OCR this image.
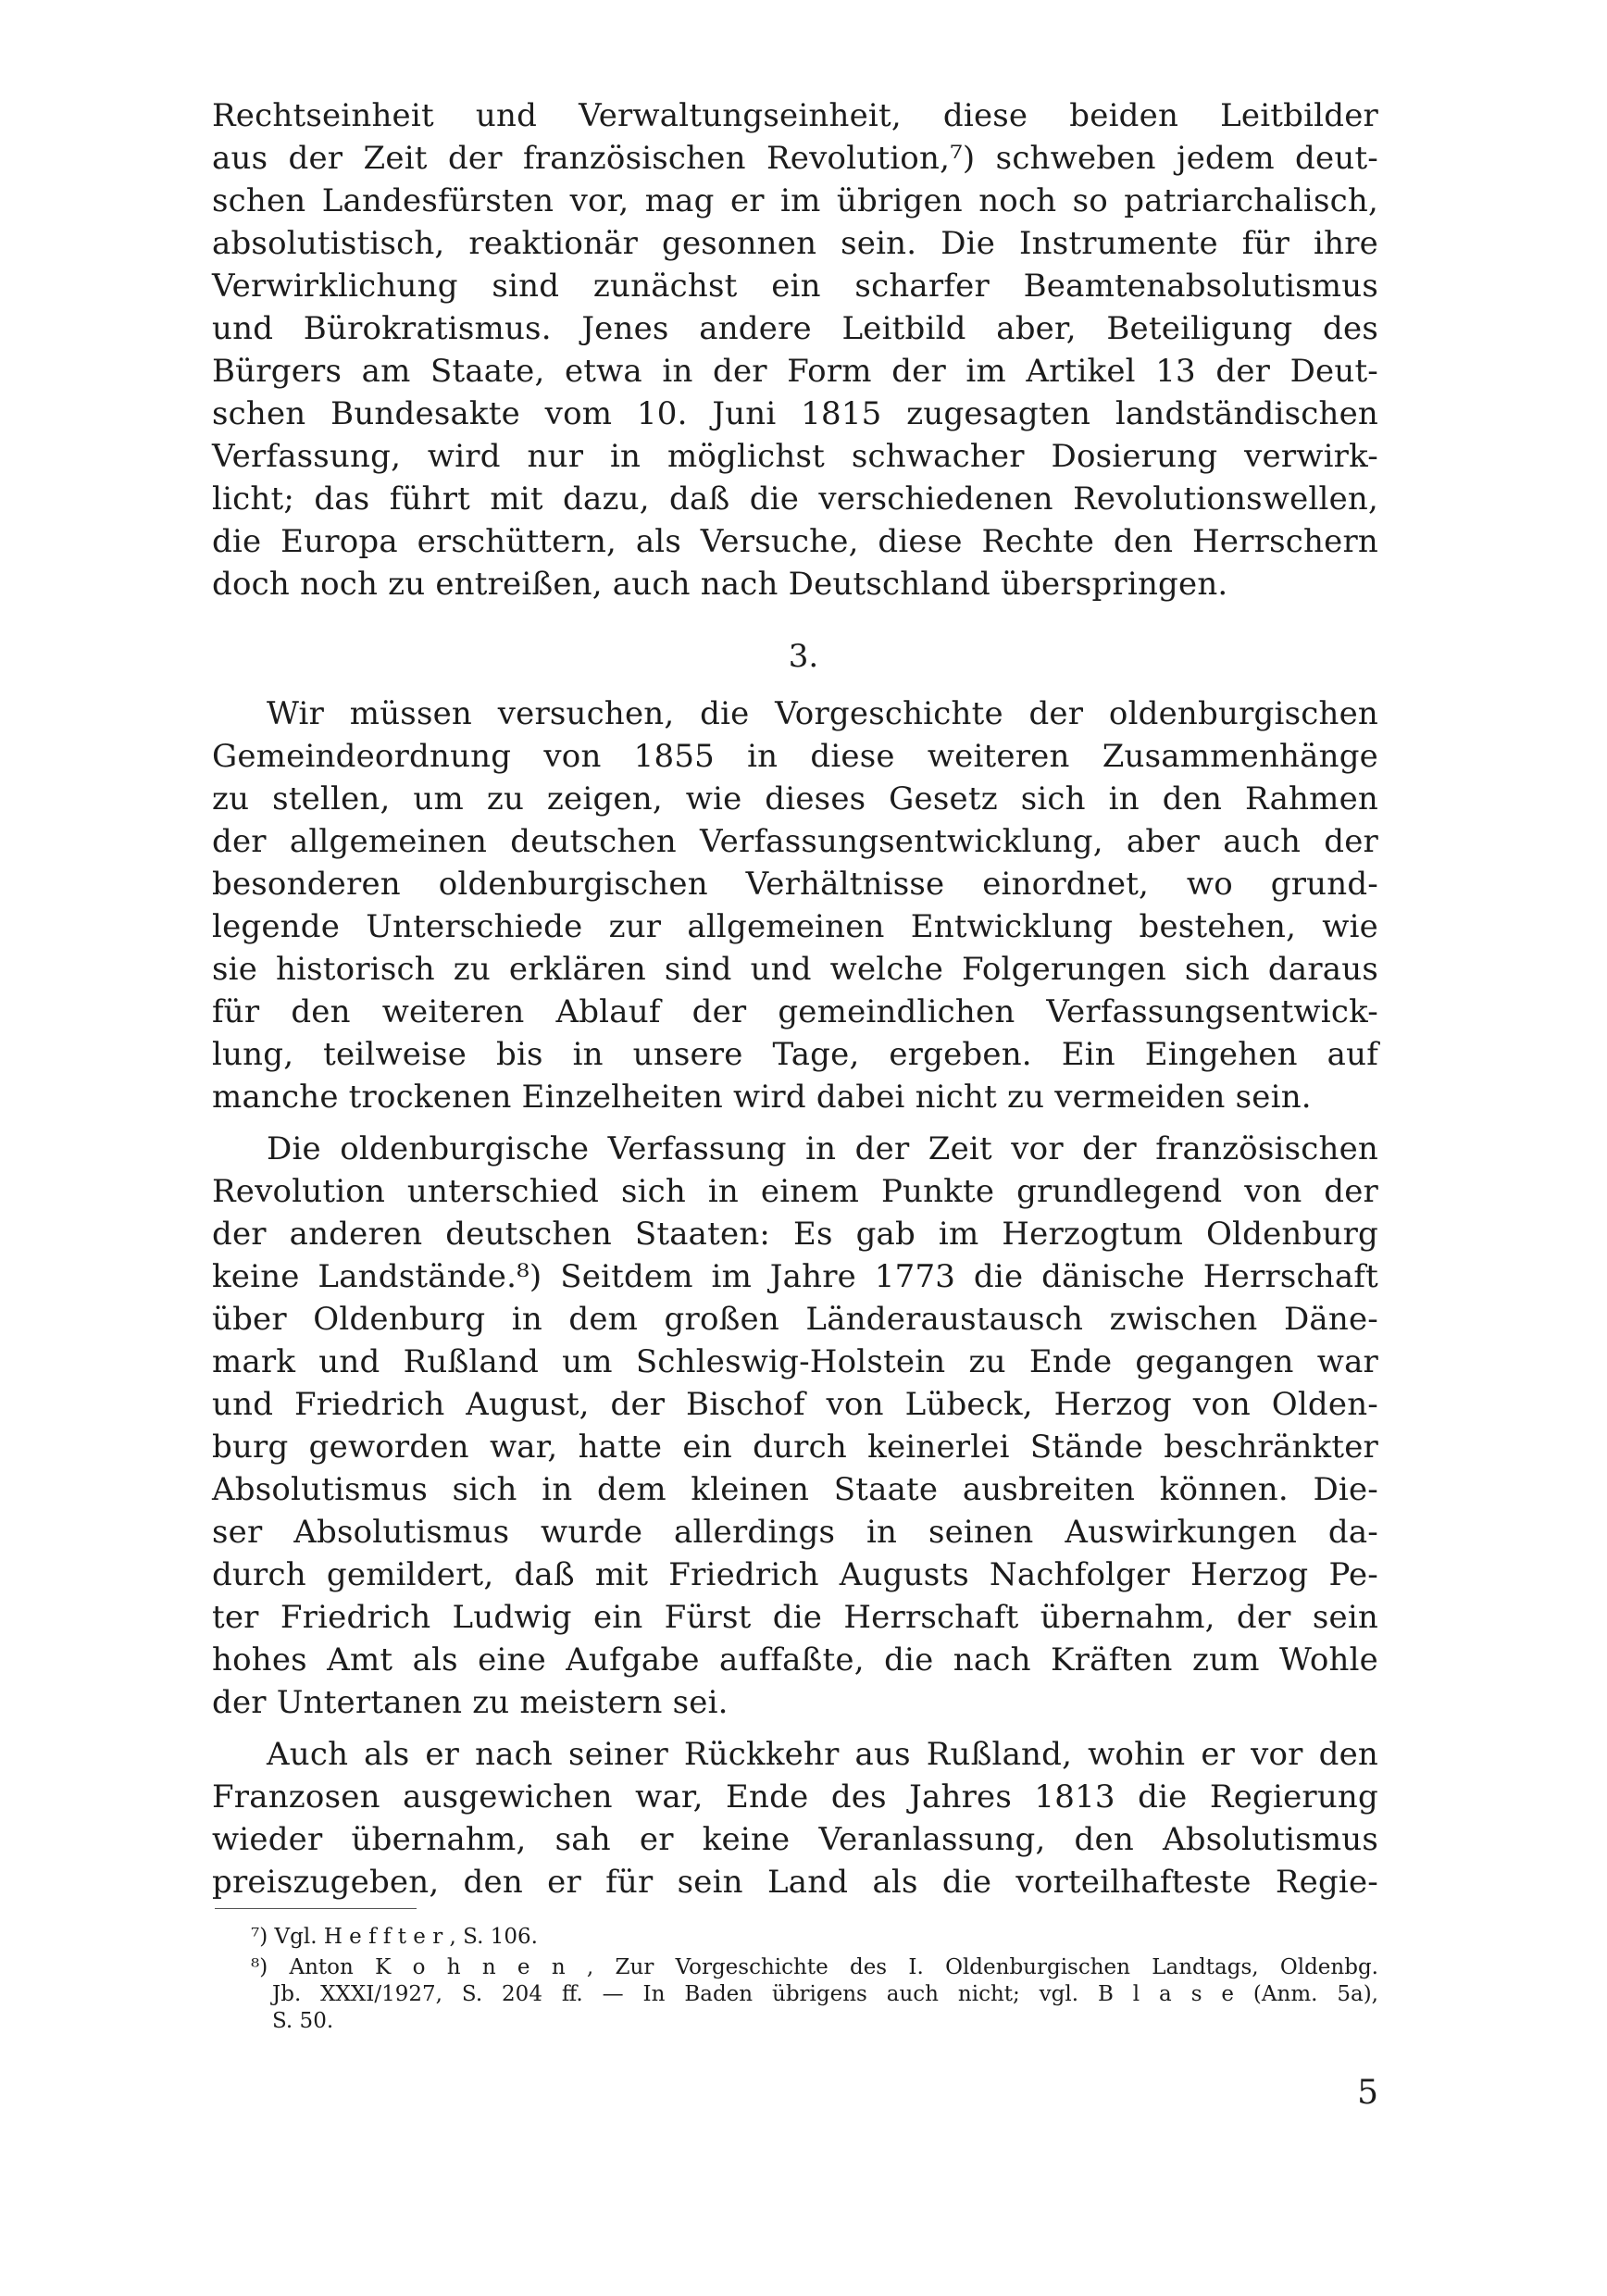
Rechtseinheit und Verwaltungseinheit, diese beiden Leitbilder
aus der Zeit der französischen Revolution,⁷) schweben jedem deut-
schen Landesfürsten vor, mag er im übrigen noch so patriarchalisch,
absolutistisch, reaktionär gesonnen sein. Die Instrumente für ihre
Verwirklichung sind zunächst ein scharfer Beamtenabsolutismus
und Bürokratismus. Jenes andere Leitbild aber, Beteiligung des
Bürgers am Staate, etwa in der Form der im Artikel 13 der Deut-
schen Bundesakte vom 10. Juni 1815 zugesagten landständischen
Verfassung, wird nur in möglichst schwacher Dosierung verwirk-
licht; das führt mit dazu, daß die verschiedenen Revolutionswellen,
die Europa erschüttern, als Versuche, diese Rechte den Herrschern
doch noch zu entreißen, auch nach Deutschland überspringen.
3.
Wir müssen versuchen, die Vorgeschichte der oldenburgischen
Gemeindeordnung von 1855 in diese weiteren Zusammenhänge
zu stellen, um zu zeigen, wie dieses Gesetz sich in den Rahmen
der allgemeinen deutschen Verfassungsentwicklung, aber auch der
besonderen oldenburgischen Verhältnisse einordnet, wo grund-
legende Unterschiede zur allgemeinen Entwicklung bestehen, wie
sie historisch zu erklären sind und welche Folgerungen sich daraus
für den weiteren Ablauf der gemeindlichen Verfassungsentwick-
lung, teilweise bis in unsere Tage, ergeben. Ein Eingehen auf
manche trockenen Einzelheiten wird dabei nicht zu vermeiden sein.
Die oldenburgische Verfassung in der Zeit vor der französischen
Revolution unterschied sich in einem Punkte grundlegend von der
der anderen deutschen Staaten: Es gab im Herzogtum Oldenburg
keine Landstände.⁸) Seitdem im Jahre 1773 die dänische Herrschaft
über Oldenburg in dem großen Länderaustausch zwischen Däne-
mark und Rußland um Schleswig-Holstein zu Ende gegangen war
und Friedrich August, der Bischof von Lübeck, Herzog von Olden-
burg geworden war, hatte ein durch keinerlei Stände beschränkter
Absolutismus sich in dem kleinen Staate ausbreiten können. Die-
ser Absolutismus wurde allerdings in seinen Auswirkungen da-
durch gemildert, daß mit Friedrich Augusts Nachfolger Herzog Pe-
ter Friedrich Ludwig ein Fürst die Herrschaft übernahm, der sein
hohes Amt als eine Aufgabe auffaßte, die nach Kräften zum Wohle
der Untertanen zu meistern sei.
Auch als er nach seiner Rückkehr aus Rußland, wohin er vor den
Franzosen ausgewichen war, Ende des Jahres 1813 die Regierung
wieder übernahm, sah er keine Veranlassung, den Absolutismus
preiszugeben, den er für sein Land als die vorteilhafteste Regie-
⁷) Vgl. H e f f t e r , S. 106.
⁸) Anton K o h n e n , Zur Vorgeschichte des I. Oldenburgischen Landtags, Oldenbg.
Jb. XXXI/1927, S. 204 ff. — In Baden übrigens auch nicht; vgl. B l a s e (Anm. 5a),
S. 50.
5
